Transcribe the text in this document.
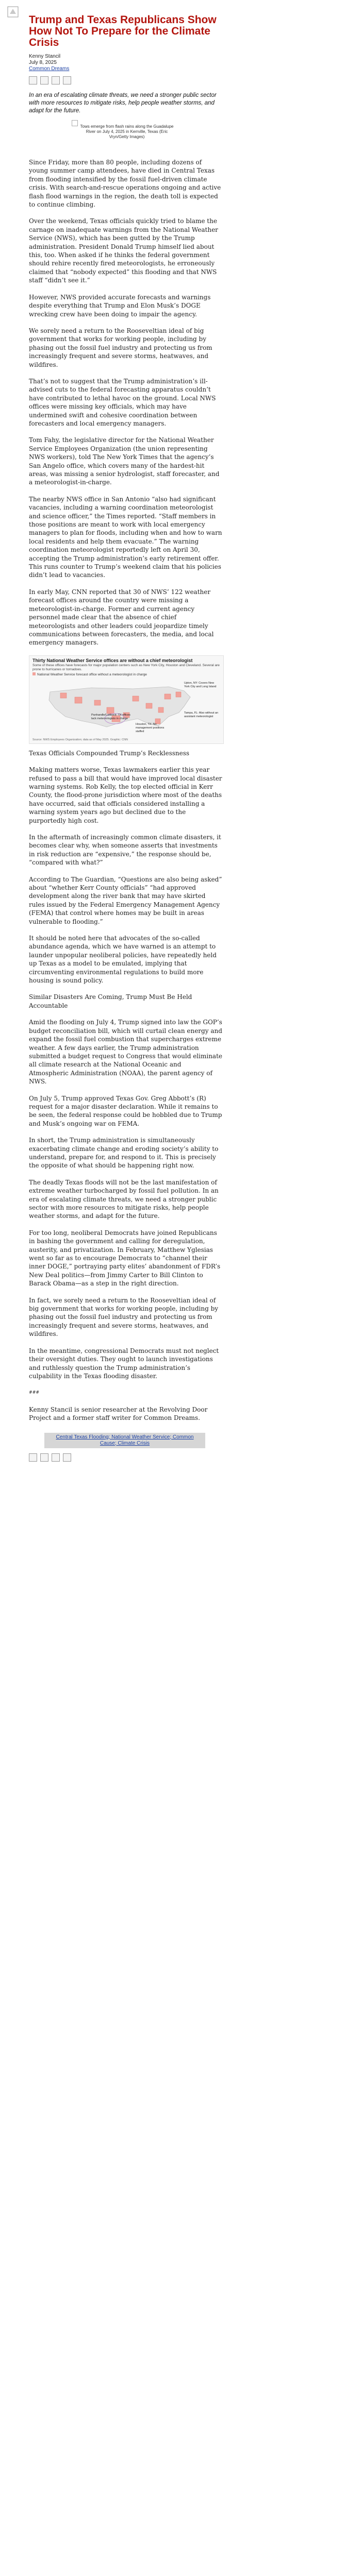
Trump and Texas Republicans Show How Not To Prepare for the Climate Crisis
Kenny Stancil
July 8, 2025
Common Dreams

In an era of escalating climate threats, we need a stronger public sector with more resources to mitigate risks, help people weather storms, and adapt for the future.

Tows emerge from flash rains along the Guadalupe River on July 4, 2025 in Kerrville, Texas (Eric Vryn/Getty Images)

Since Friday, more than 80 people, including dozens of young summer camp attendees, have died in Central Texas from flooding intensified by the fossil fuel-driven climate crisis. With search-and-rescue operations ongoing and active flash flood warnings in the region, the death toll is expected to continue climbing.

Over the weekend, Texas officials quickly tried to blame the carnage on inadequate warnings from the National Weather Service (NWS), which has been gutted by the Trump administration. President Donald Trump himself lied about this, too. When asked if he thinks the federal government should rehire recently fired meteorologists, he erroneously claimed that “nobody expected” this flooding and that NWS staff “didn’t see it.”

However, NWS provided accurate forecasts and warnings despite everything that Trump and Elon Musk’s DOGE wrecking crew have been doing to impair the agency.

We sorely need a return to the Rooseveltian ideal of big government that works for working people, including by phasing out the fossil fuel industry and protecting us from increasingly frequent and severe storms, heatwaves, and wildfires.

That’s not to suggest that the Trump administration’s ill-advised cuts to the federal forecasting apparatus couldn’t have contributed to lethal havoc on the ground. Local NWS offices were missing key officials, which may have undermined swift and cohesive coordination between forecasters and local emergency managers.

Tom Fahy, the legislative director for the National Weather Service Employees Organization (the union representing NWS workers), told The New York Times that the agency’s San Angelo office, which covers many of the hardest-hit areas, was missing a senior hydrologist, staff forecaster, and a meteorologist-in-charge.

The nearby NWS office in San Antonio “also had significant vacancies, including a warning coordination meteorologist and science officer,” the Times reported. “Staff members in those positions are meant to work with local emergency managers to plan for floods, including when and how to warn local residents and help them evacuate.” The warning coordination meteorologist reportedly left on April 30, accepting the Trump administration’s early retirement offer. This runs counter to Trump’s weekend claim that his policies didn’t lead to vacancies.

In early May, CNN reported that 30 of NWS’ 122 weather forecast offices around the country were missing a meteorologist-in-charge. Former and current agency personnel made clear that the absence of chief meteorologists and other leaders could jeopardize timely communications between forecasters, the media, and local emergency managers.

Thirty National Weather Service offices are without a chief meteorologist
Some of these offices have forecasts for major population centers such as New York City, Houston and Cleveland. Several are prone to hurricanes or tornadoes.
National Weather Service forecast office without a meteorologist in charge
Upton, NY: Covers New York City and Long Island
Tampa, FL: Also without an assistant meteorologist
Panhandle/Lubbock: TX offices lack meteorologists in charge
Houston, TX: No management positions staffed
Source: NWS Employees Organization; data as of May 2025. Graphic: CNN

Texas Officials Compounded Trump’s Recklessness

Making matters worse, Texas lawmakers earlier this year refused to pass a bill that would have improved local disaster warning systems. Rob Kelly, the top elected official in Kerr County, the flood-prone jurisdiction where most of the deaths have occurred, said that officials considered installing a warning system years ago but declined due to the purportedly high cost.

In the aftermath of increasingly common climate disasters, it becomes clear why, when someone asserts that investments in risk reduction are “expensive,” the response should be, “compared with what?”

According to The Guardian, “Questions are also being asked” about “whether Kerr County officials” “had approved development along the river bank that may have skirted rules issued by the Federal Emergency Management Agency (FEMA) that control where homes may be built in areas vulnerable to flooding.”

It should be noted here that advocates of the so-called abundance agenda, which we have warned is an attempt to launder unpopular neoliberal policies, have repeatedly held up Texas as a model to be emulated, implying that circumventing environmental regulations to build more housing is sound policy.

Similar Disasters Are Coming, Trump Must Be Held Accountable

Amid the flooding on July 4, Trump signed into law the GOP’s budget reconciliation bill, which will curtail clean energy and expand the fossil fuel combustion that supercharges extreme weather. A few days earlier, the Trump administration submitted a budget request to Congress that would eliminate all climate research at the National Oceanic and Atmospheric Administration (NOAA), the parent agency of NWS.

On July 5, Trump approved Texas Gov. Greg Abbott’s (R) request for a major disaster declaration. While it remains to be seen, the federal response could be hobbled due to Trump and Musk’s ongoing war on FEMA.

In short, the Trump administration is simultaneously exacerbating climate change and eroding society’s ability to understand, prepare for, and respond to it. This is precisely the opposite of what should be happening right now.

The deadly Texas floods will not be the last manifestation of extreme weather turbocharged by fossil fuel pollution. In an era of escalating climate threats, we need a stronger public sector with more resources to mitigate risks, help people weather storms, and adapt for the future.

For too long, neoliberal Democrats have joined Republicans in bashing the government and calling for deregulation, austerity, and privatization. In February, Matthew Yglesias went so far as to encourage Democrats to “channel their inner DOGE,” portraying party elites’ abandonment of FDR’s New Deal politics—from Jimmy Carter to Bill Clinton to Barack Obama—as a step in the right direction.

In fact, we sorely need a return to the Rooseveltian ideal of big government that works for working people, including by phasing out the fossil fuel industry and protecting us from increasingly frequent and severe storms, heatwaves, and wildfires.

In the meantime, congressional Democrats must not neglect their oversight duties. They ought to launch investigations and ruthlessly question the Trump administration’s culpability in the Texas flooding disaster.

###

Kenny Stancil is senior researcher at the Revolving Door Project and a former staff writer for Common Dreams.

Central Texas Flooding; National Weather Service; Common Cause; Climate Crisis
